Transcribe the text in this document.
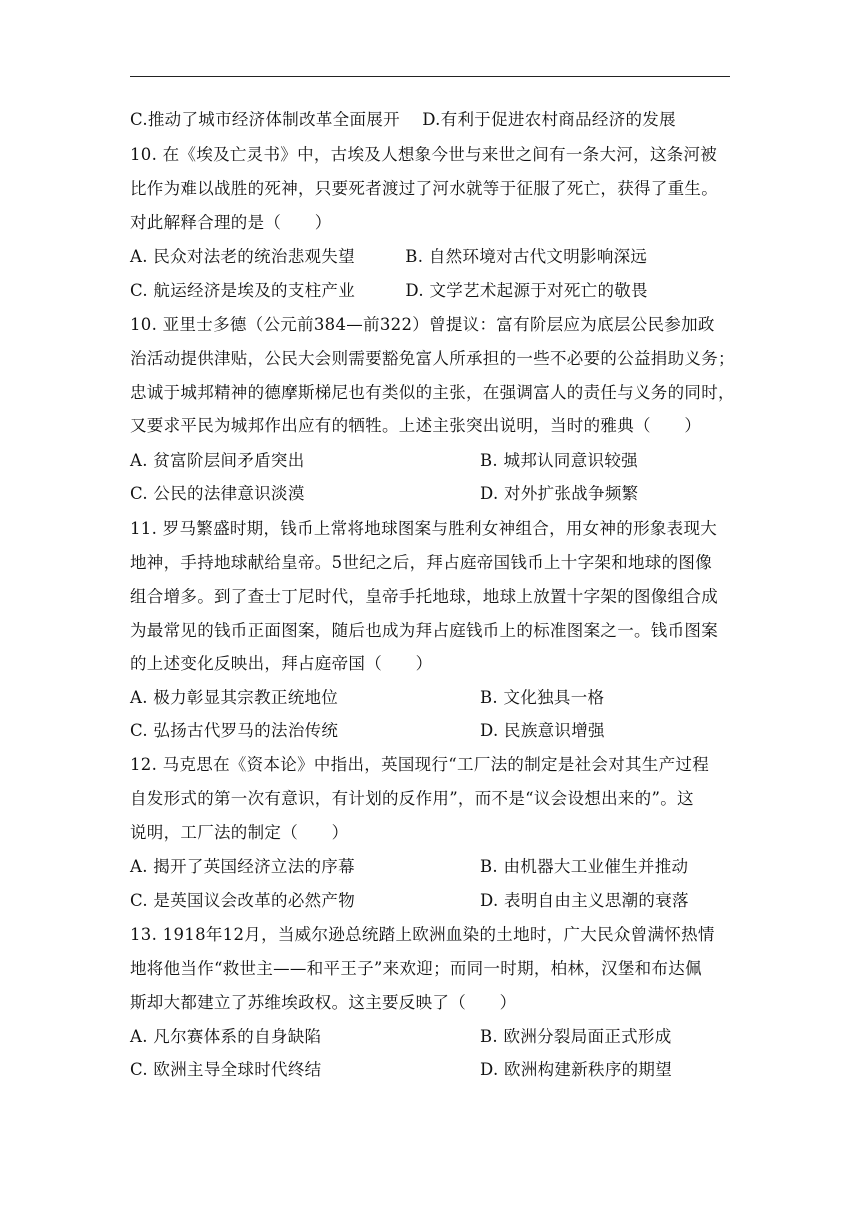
C.推动了城市经济体制改革全面展开　 D.有利于促进农村商品经济的发展
10. 在《埃及亡灵书》中，古埃及人想象今世与来世之间有一条大河，这条河被
比作为难以战胜的死神，只要死者渡过了河水就等于征服了死亡，获得了重生。
对此解释合理的是（　　）
A. 民众对法老的统治悲观失望　　　B. 自然环境对古代文明影响深远
C. 航运经济是埃及的支柱产业　　　D. 文学艺术起源于对死亡的敬畏
10. 亚里士多德（公元前384—前322）曾提议：富有阶层应为底层公民参加政
治活动提供津贴，公民大会则需要豁免富人所承担的一些不必要的公益捐助义务；
忠诚于城邦精神的德摩斯梯尼也有类似的主张，在强调富人的责任与义务的同时，
又要求平民为城邦作出应有的牺牲。上述主张突出说明，当时的雅典（　　）
A. 贫富阶层间矛盾突出	B. 城邦认同意识较强
C. 公民的法律意识淡漠	D. 对外扩张战争频繁
11. 罗马繁盛时期，钱币上常将地球图案与胜利女神组合，用女神的形象表现大
地神，手持地球献给皇帝。5世纪之后，拜占庭帝国钱币上十字架和地球的图像
组合增多。到了查士丁尼时代，皇帝手托地球，地球上放置十字架的图像组合成
为最常见的钱币正面图案，随后也成为拜占庭钱币上的标准图案之一。钱币图案
的上述变化反映出，拜占庭帝国（　　）
A. 极力彰显其宗教正统地位	B. 文化独具一格
C. 弘扬古代罗马的法治传统	D. 民族意识增强
12. 马克思在《资本论》中指出，英国现行“工厂法的制定是社会对其生产过程
自发形式的第一次有意识，有计划的反作用”，而不是“议会设想出来的”。这
说明，工厂法的制定（　　）
A. 揭开了英国经济立法的序幕	B. 由机器大工业催生并推动
C. 是英国议会改革的必然产物	D. 表明自由主义思潮的衰落
13. 1918年12月，当威尔逊总统踏上欧洲血染的土地时，广大民众曾满怀热情
地将他当作“救世主——和平王子”来欢迎；而同一时期，柏林，汉堡和布达佩
斯却大都建立了苏维埃政权。这主要反映了（　　）
A. 凡尔赛体系的自身缺陷	B. 欧洲分裂局面正式形成
C. 欧洲主导全球时代终结	D. 欧洲构建新秩序的期望
